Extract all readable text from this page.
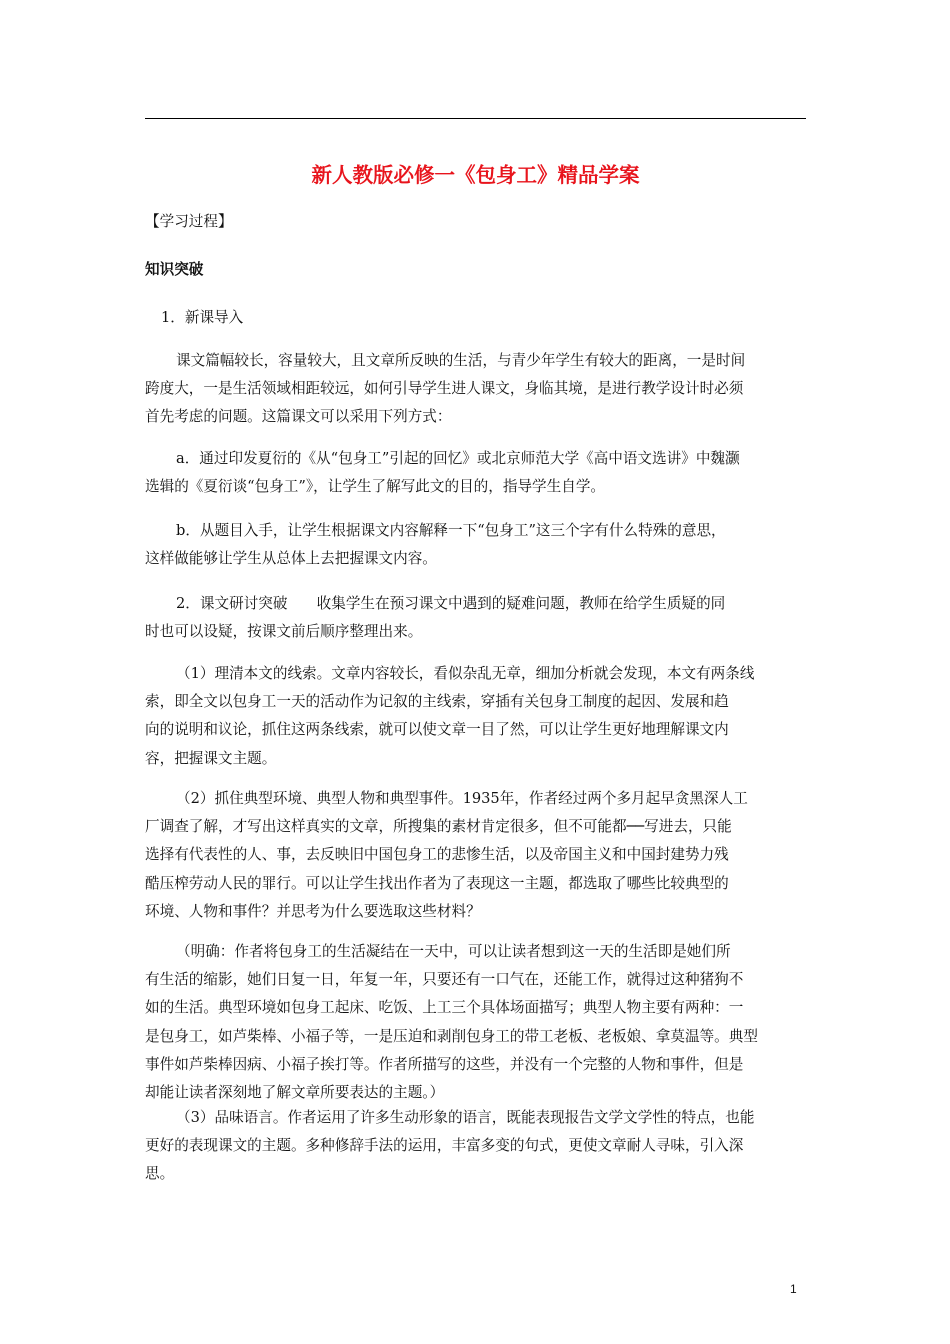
新人教版必修一《包身工》精品学案
【学习过程】
知识突破
1．新课导入
课文篇幅较长，容量较大，且文章所反映的生活，与青少年学生有较大的距离，一是时间
跨度大，一是生活领域相距较远，如何引导学生进人课文，身临其境，是进行教学设计时必须
首先考虑的问题。这篇课文可以采用下列方式：
a．通过印发夏衍的《从“包身工”引起的回忆》或北京师范大学《高中语文选讲》中魏灏
选辑的《夏衍谈“包身工”》，让学生了解写此文的目的，指导学生自学。
b．从题目入手，让学生根据课文内容解释一下“包身工”这三个字有什么特殊的意思，
这样做能够让学生从总体上去把握课文内容。
2．课文研讨突破　　收集学生在预习课文中遇到的疑难问题，教师在给学生质疑的同
时也可以设疑，按课文前后顺序整理出来。
（1）理清本文的线索。文章内容较长，看似杂乱无章，细加分析就会发现，本文有两条线
索，即全文以包身工一天的活动作为记叙的主线索，穿插有关包身工制度的起因、发展和趋
向的说明和议论，抓住这两条线索，就可以使文章一目了然，可以让学生更好地理解课文内
容，把握课文主题。
（2）抓住典型环境、典型人物和典型事件。1935年，作者经过两个多月起早贪黑深人工
厂调查了解，才写出这样真实的文章，所搜集的素材肯定很多，但不可能都──写进去，只能
选择有代表性的人、事，去反映旧中国包身工的悲惨生活，以及帝国主义和中国封建势力残
酷压榨劳动人民的罪行。可以让学生找出作者为了表现这一主题，都选取了哪些比较典型的
环境、人物和事件？并思考为什么要选取这些材料？
（明确：作者将包身工的生活凝结在一天中，可以让读者想到这一天的生活即是她们所
有生活的缩影，她们日复一日，年复一年，只要还有一口气在，还能工作，就得过这种猪狗不
如的生活。典型环境如包身工起床、吃饭、上工三个具体场面描写；典型人物主要有两种：一
是包身工，如芦柴棒、小福子等，一是压迫和剥削包身工的带工老板、老板娘、拿莫温等。典型
事件如芦柴棒因病、小福子挨打等。作者所描写的这些，并没有一个完整的人物和事件，但是
却能让读者深刻地了解文章所要表达的主题。）
（3）品味语言。作者运用了许多生动形象的语言，既能表现报告文学文学性的特点，也能
更好的表现课文的主题。多种修辞手法的运用，丰富多变的句式，更使文章耐人寻味，引入深
思。
1
